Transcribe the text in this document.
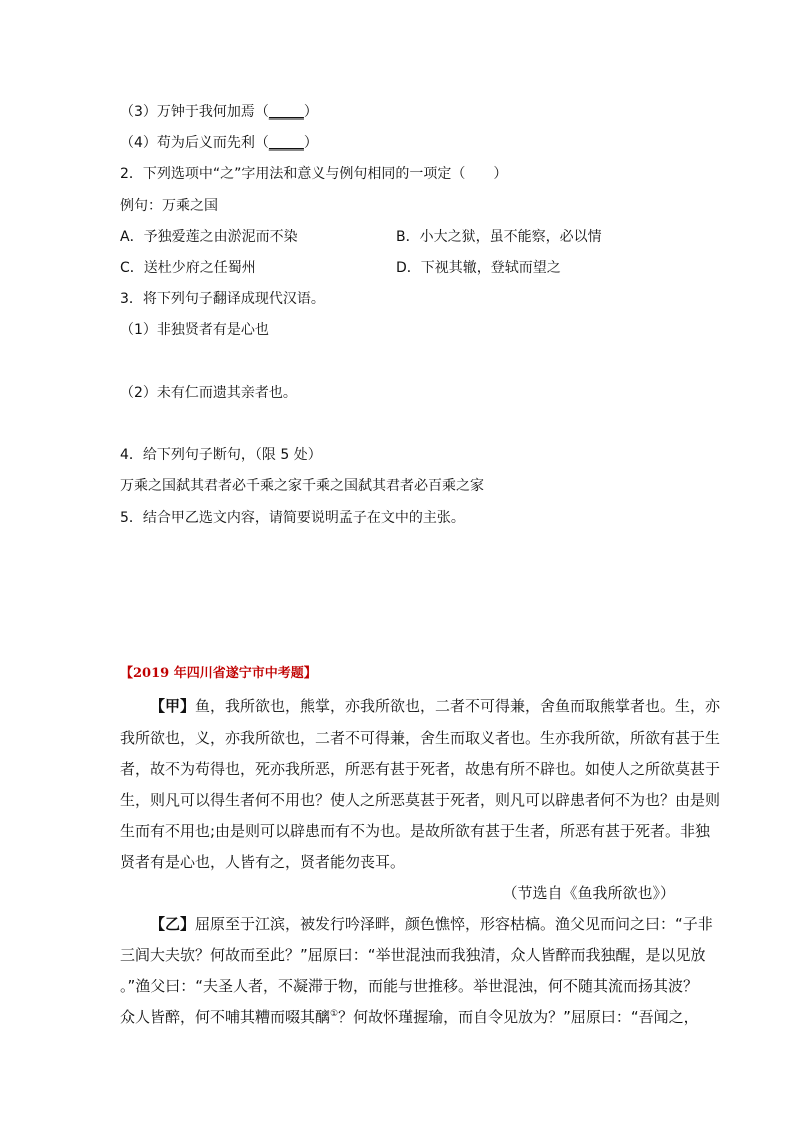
（3）万钟于我何加焉（_____）
（4）苟为后义而先利（_____）
2．下列选项中“之”字用法和意义与例句相同的一项定（　　）
例句：万乘之国
A．予独爱莲之由淤泥而不染	B．小大之狱，虽不能察，必以情
C．送杜少府之任蜀州	D．下视其辙，登轼而望之
3．将下列句子翻译成现代汉语。
（1）非独贤者有是心也
（2）未有仁而遗其亲者也。
4．给下列句子断句，（限 5 处）
万乘之国弑其君者必千乘之家千乘之国弑其君者必百乘之家
5．结合甲乙选文内容，请简要说明孟子在文中的主张。
【2019 年四川省遂宁市中考题】
【甲】鱼，我所欲也，熊掌，亦我所欲也，二者不可得兼，舍鱼而取熊掌者也。生，亦
我所欲也，义，亦我所欲也，二者不可得兼，舍生而取义者也。生亦我所欲，所欲有甚于生
者，故不为苟得也，死亦我所恶，所恶有甚于死者，故患有所不辟也。如使人之所欲莫甚于
生，则凡可以得生者何不用也？使人之所恶莫甚于死者，则凡可以辟患者何不为也？由是则
生而有不用也;由是则可以辟患而有不为也。是故所欲有甚于生者，所恶有甚于死者。非独
贤者有是心也，人皆有之，贤者能勿丧耳。
（节选自《鱼我所欲也》）
【乙】屈原至于江滨，被发行吟泽畔，颜色憔悴，形容枯槁。渔父见而问之曰：“子非
三闾大夫欤？何故而至此？”屈原曰：“举世混浊而我独清，众人皆醉而我独醒，是以见放
。”渔父曰：“夫圣人者，不凝滞于物，而能与世推移。举世混浊，何不随其流而扬其波？
众人皆醉，何不哺其糟而啜其醨①？何故怀瑾握瑜，而自令见放为？”屈原曰：“吾闻之，
